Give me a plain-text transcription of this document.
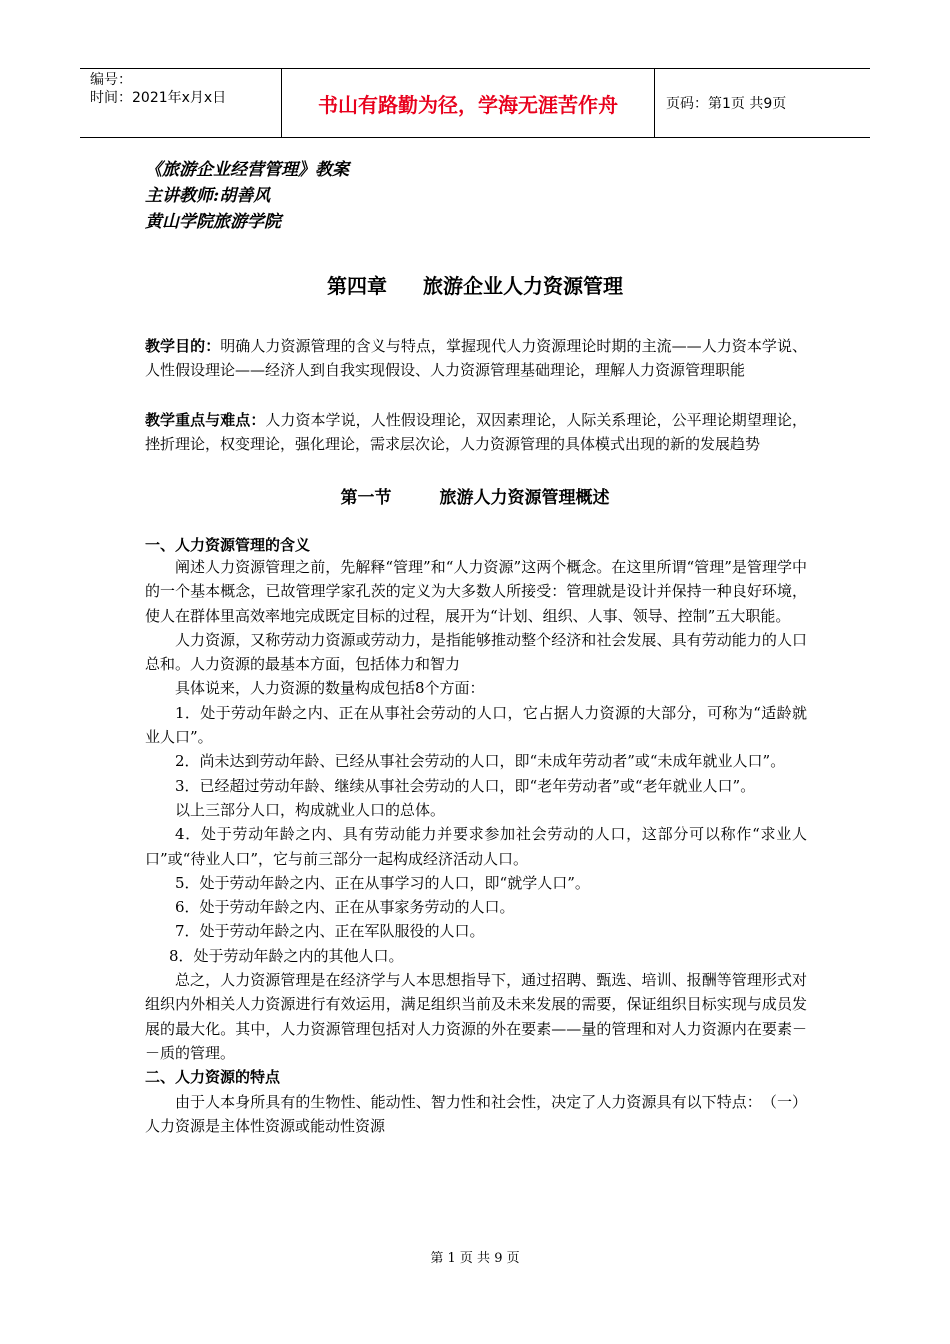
编号：
时间：2021年x月x日	书山有路勤为径，学海无涯苦作舟	页码：第1页 共9页
《旅游企业经营管理》教案
主讲教师:胡善风
黄山学院旅游学院
第四章 旅游企业人力资源管理
教学目的：明确人力资源管理的含义与特点，掌握现代人力资源理论时期的主流——人力资本学说、人性假设理论——经济人到自我实现假设、人力资源管理基础理论，理解人力资源管理职能
教学重点与难点：人力资本学说，人性假设理论，双因素理论，人际关系理论，公平理论期望理论，挫折理论，权变理论，强化理论，需求层次论，人力资源管理的具体模式出现的新的发展趋势
第一节	旅游人力资源管理概述
一、人力资源管理的含义
阐述人力资源管理之前，先解释“管理”和“人力资源”这两个概念。在这里所谓“管理”是管理学中的一个基本概念，已故管理学家孔茨的定义为大多数人所接受：管理就是设计并保持一种良好环境，使人在群体里高效率地完成既定目标的过程，展开为“计划、组织、人事、领导、控制”五大职能。
人力资源，又称劳动力资源或劳动力，是指能够推动整个经济和社会发展、具有劳动能力的人口总和。人力资源的最基本方面，包括体力和智力
具体说来，人力资源的数量构成包括8个方面：
1．处于劳动年龄之内、正在从事社会劳动的人口，它占据人力资源的大部分，可称为“适龄就业人口”。
2．尚未达到劳动年龄、已经从事社会劳动的人口，即“未成年劳动者”或“未成年就业人口”。
3．已经超过劳动年龄、继续从事社会劳动的人口，即“老年劳动者”或“老年就业人口”。
以上三部分人口，构成就业人口的总体。
4．处于劳动年龄之内、具有劳动能力并要求参加社会劳动的人口，这部分可以称作“求业人口”或“待业人口”，它与前三部分一起构成经济活动人口。
5．处于劳动年龄之内、正在从事学习的人口，即“就学人口”。
6．处于劳动年龄之内、正在从事家务劳动的人口。
7．处于劳动年龄之内、正在军队服役的人口。
8．处于劳动年龄之内的其他人口。
总之，人力资源管理是在经济学与人本思想指导下，通过招聘、甄选、培训、报酬等管理形式对组织内外相关人力资源进行有效运用，满足组织当前及未来发展的需要，保证组织目标实现与成员发展的最大化。其中，人力资源管理包括对人力资源的外在要素——量的管理和对人力资源内在要素－－质的管理。
二、人力资源的特点
由于人本身所具有的生物性、能动性、智力性和社会性，决定了人力资源具有以下特点：　（一）人力资源是主体性资源或能动性资源
第 1 页 共 9 页
